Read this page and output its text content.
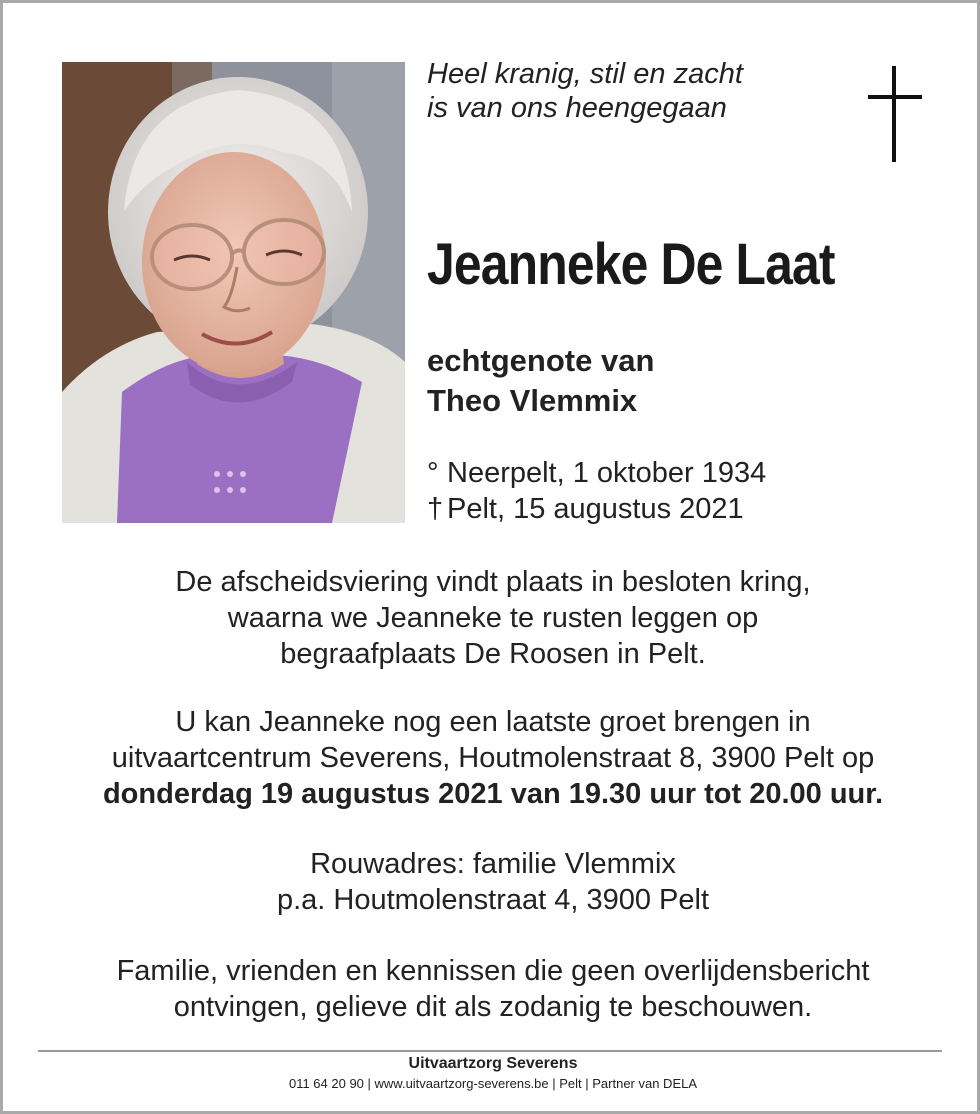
Heel kranig, stil en zacht
is van ons heengegaan
Jeanneke De Laat
echtgenote van
Theo Vlemmix
° Neerpelt, 1 oktober 1934
† Pelt, 15 augustus 2021
De afscheidsviering vindt plaats in besloten kring,
waarna we Jeanneke te rusten leggen op
begraafplaats De Roosen in Pelt.
U kan Jeanneke nog een laatste groet brengen in
uitvaartcentrum Severens, Houtmolenstraat 8, 3900 Pelt op
donderdag 19 augustus 2021 van 19.30 uur tot 20.00 uur.
Rouwadres: familie Vlemmix
p.a. Houtmolenstraat 4, 3900 Pelt
Familie, vrienden en kennissen die geen overlijdensbericht
ontvingen, gelieve dit als zodanig te beschouwen.
Uitvaartzorg Severens
011 64 20 90 | www.uitvaartzorg-severens.be | Pelt | Partner van DELA
